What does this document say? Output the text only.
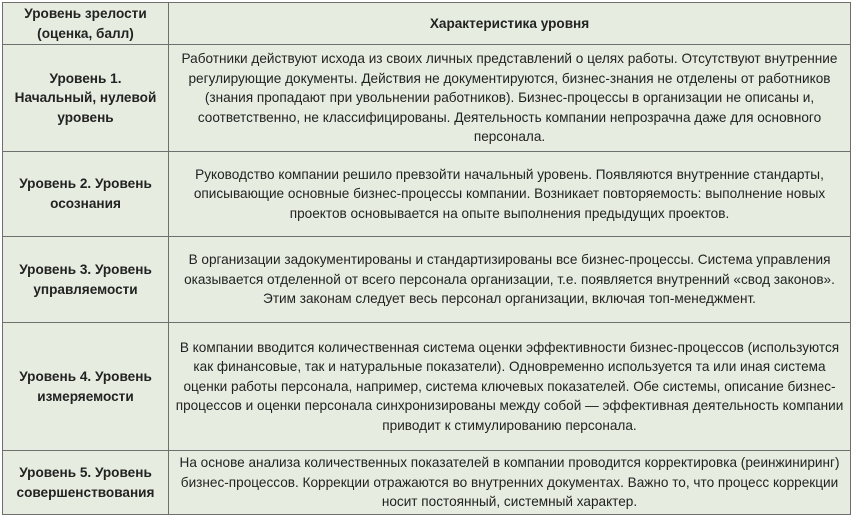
Уровень зрелости (оценка, балл)	Характеристика уровня
Уровень 1. Начальный, нулевой уровень	Работники действуют исхода из своих личных представлений о целях работы. Отсутствуют внутренние регулирующие документы. Действия не документируются, бизнес-знания не отделены от работников (знания пропадают при увольнении работников). Бизнес-процессы в организации не описаны и, соответственно, не классифицированы. Деятельность компании непрозрачна даже для основного персонала.
Уровень 2. Уровень осознания	Руководство компании решило превзойти начальный уровень. Появляются внутренние стандарты, описывающие основные бизнес-процессы компании. Возникает повторяемость: выполнение новых проектов основывается на опыте выполнения предыдущих проектов.
Уровень 3. Уровень управляемости	В организации задокументированы и стандартизированы все бизнес-процессы. Система управления оказывается отделенной от всего персонала организации, т.е. появляется внутренний «свод законов». Этим законам следует весь персонал организации, включая топ-менеджмент.
Уровень 4. Уровень измеряемости	В компании вводится количественная система оценки эффективности бизнес-процессов (используются как финансовые, так и натуральные показатели). Одновременно используется та или иная система оценки работы персонала, например, система ключевых показателей. Обе системы, описание бизнес-процессов и оценки персонала синхронизированы между собой — эффективная деятельность компании приводит к стимулированию персонала.
Уровень 5. Уровень совершенствования	На основе анализа количественных показателей в компании проводится корректировка (реинжиниринг) бизнес-процессов. Коррекции отражаются во внутренних документах. Важно то, что процесс коррекции носит постоянный, системный характер.
